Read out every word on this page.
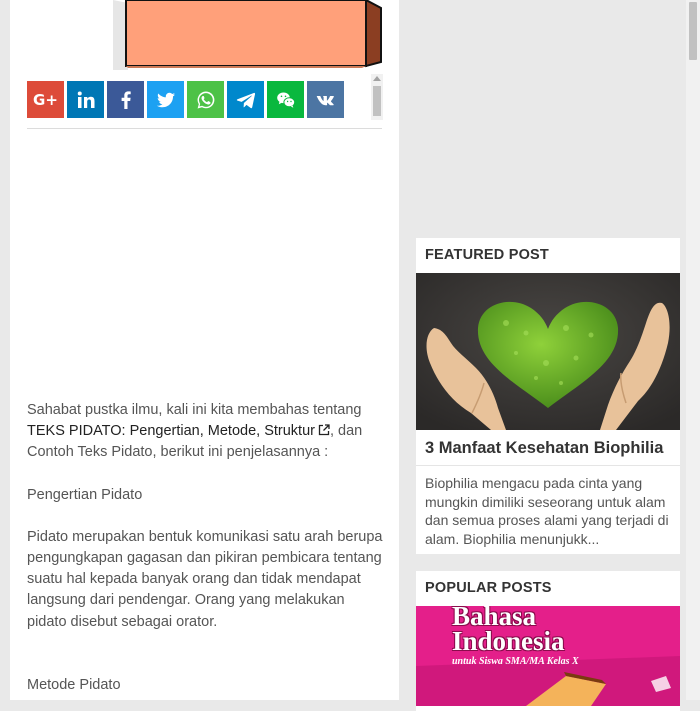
G+

Sahabat pustka ilmu, kali ini kita membahas tentang TEKS PIDATO: Pengertian, Metode, Struktur , dan Contoh Teks Pidato, berikut ini penjelasannya :

Pengertian Pidato

Pidato merupakan bentuk komunikasi satu arah berupa pengungkapan gagasan dan pikiran pembicara tentang suatu hal kepada banyak orang dan tidak mendapat langsung dari pendengar. Orang yang melakukan pidato disebut sebagai orator.

Metode Pidato

FEATURED POST
3 Manfaat Kesehatan Biophilia
Biophilia mengacu pada cinta yang mungkin dimiliki seseorang untuk alam dan semua proses alami yang terjadi di alam. Biophilia menunjukk...
POPULAR POSTS
Bahasa
Indonesia
untuk Siswa SMA/MA Kelas X
